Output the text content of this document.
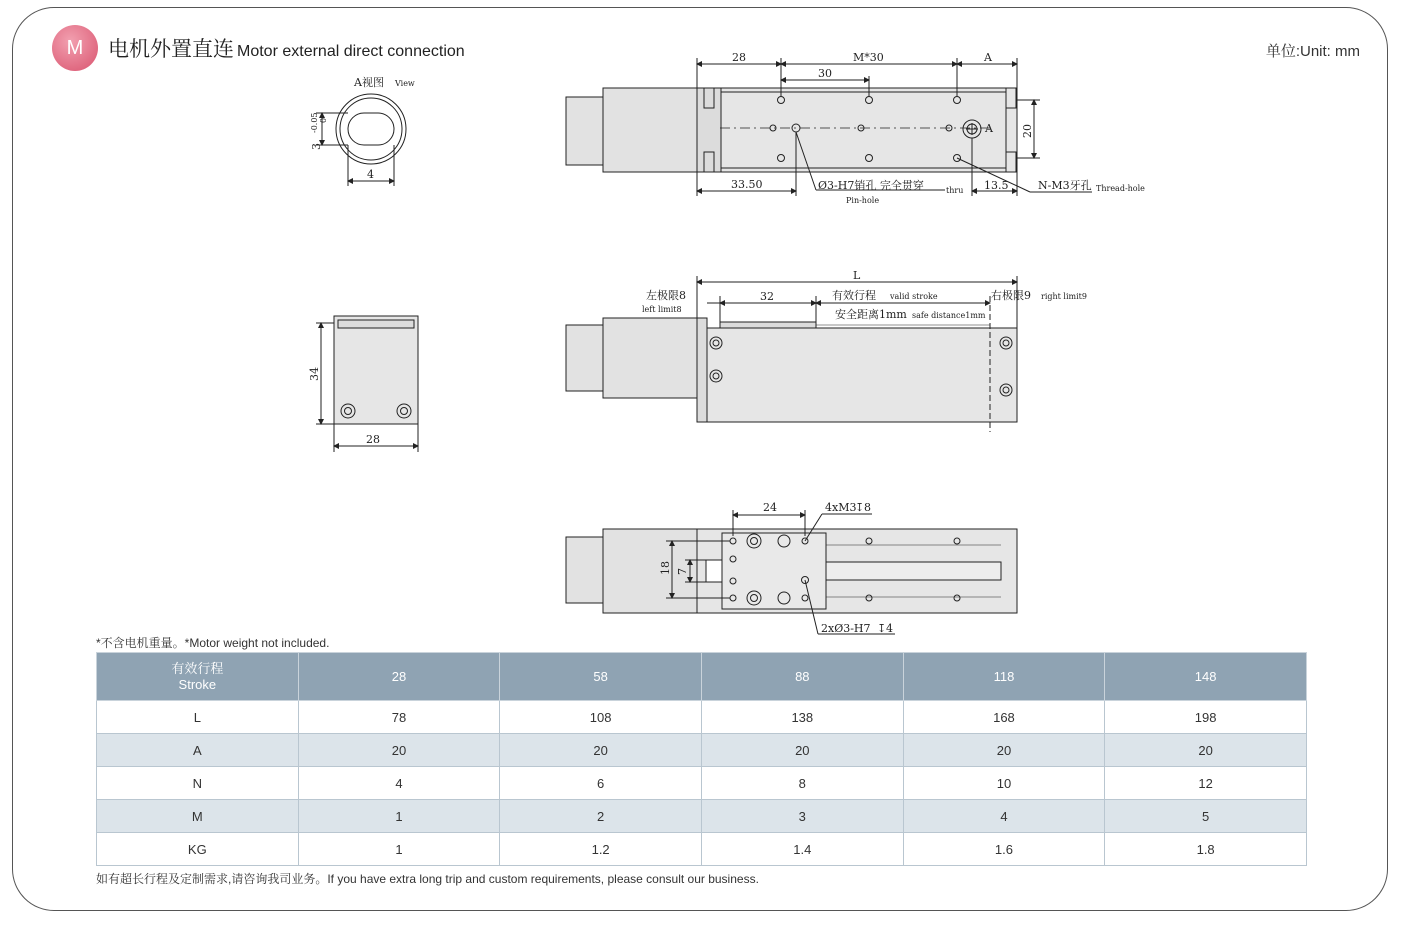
M	电机外置直连 Motor external direct connection	单位:Unit: mm
A视图 View
4
3
-0.05 0
28	M*30
30
A
20
A
33.50	13.5
Ø3-H7销孔 完全贯穿	thru
Pin-hole
N-M3牙孔 Thread-hole
34
28
L
32
左极限8
left limit8
有效行程 valid stroke	右极限9 right limit9
安全距离1mm safe distance1mm
24	4xM3
↧ 8
18 7
2xØ3-H7 ↧ 4
*不含电机重量。*Motor weight not included.
有效行程
Stroke	28	58	88	118	148
L	78	108	138	168	198
A	20	20	20	20	20
N	4	6	8	10	12
M	1	2	3	4	5
KG	1	1.2	1.4	1.6	1.8
如有超长行程及定制需求,请咨询我司业务。If you have extra long trip and custom requirements, please consult our business.
